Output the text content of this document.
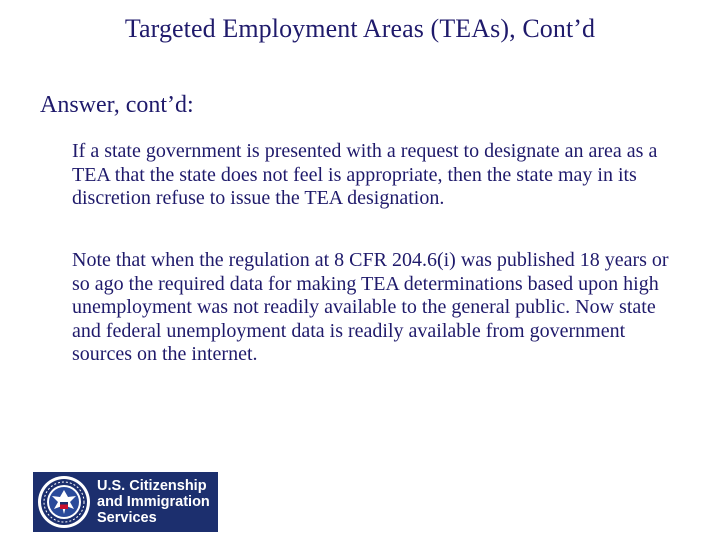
Targeted Employment Areas (TEAs), Cont’d
Answer, cont’d:
If a state government is presented with a request to designate an area as a TEA that the state does not feel is appropriate, then the state may in its discretion refuse to issue the TEA designation.
Note that when the regulation at 8 CFR 204.6(i) was published 18 years or so ago the required data for making TEA determinations based upon high unemployment was not readily available to the general public. Now state and federal unemployment data is readily available from government sources on the internet.
U.S. Citizenship
and Immigration
Services
